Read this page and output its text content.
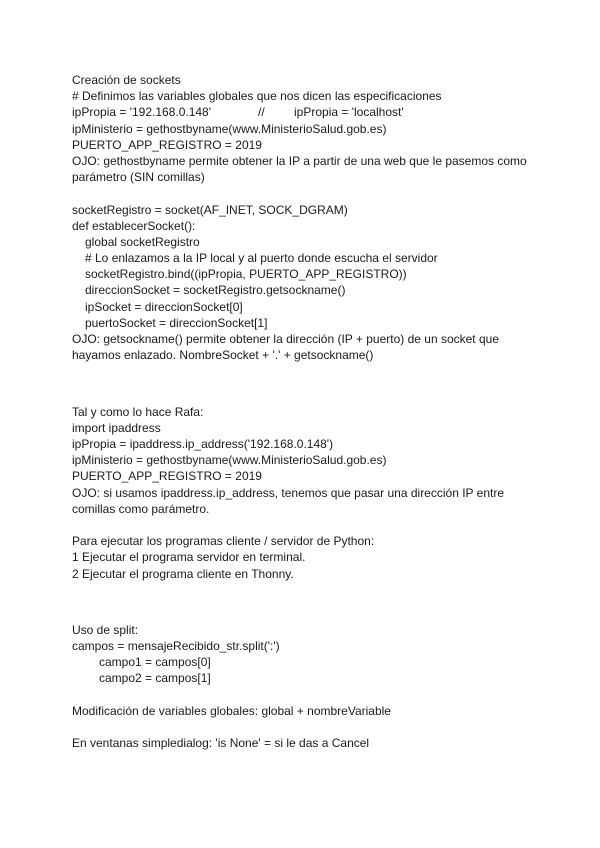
Creación de sockets
# Definimos las variables globales que nos dicen las especificaciones
ipPropia = '192.168.0.148'	// ipPropia = 'localhost'
ipMinisterio = gethostbyname(www.MinisterioSalud.gob.es)
PUERTO_APP_REGISTRO = 2019
OJO: gethostbyname permite obtener la IP a partir de una web que le pasemos como parámetro (SIN comillas)
socketRegistro = socket(AF_INET, SOCK_DGRAM)
def establecerSocket():
global socketRegistro
# Lo enlazamos a la IP local y al puerto donde escucha el servidor
socketRegistro.bind((ipPropia, PUERTO_APP_REGISTRO))
direccionSocket = socketRegistro.getsockname()
ipSocket = direccionSocket[0]
puertoSocket = direccionSocket[1]
OJO: getsockname() permite obtener la dirección (IP + puerto) de un socket que hayamos enlazado. NombreSocket + '.' + getsockname()
Tal y como lo hace Rafa:
import ipaddress
ipPropia = ipaddress.ip_address('192.168.0.148')
ipMinisterio = gethostbyname(www.MinisterioSalud.gob.es)
PUERTO_APP_REGISTRO = 2019
OJO: si usamos ipaddress.ip_address, tenemos que pasar una dirección IP entre comillas como parámetro.
Para ejecutar los programas cliente / servidor de Python:
1 Ejecutar el programa servidor en terminal.
2 Ejecutar el programa cliente en Thonny.
Uso de split:
campos = mensajeRecibido_str.split(':')
campo1 = campos[0]
campo2 = campos[1]
Modificación de variables globales: global + nombreVariable
En ventanas simpledialog: 'is None' = si le das a Cancel
